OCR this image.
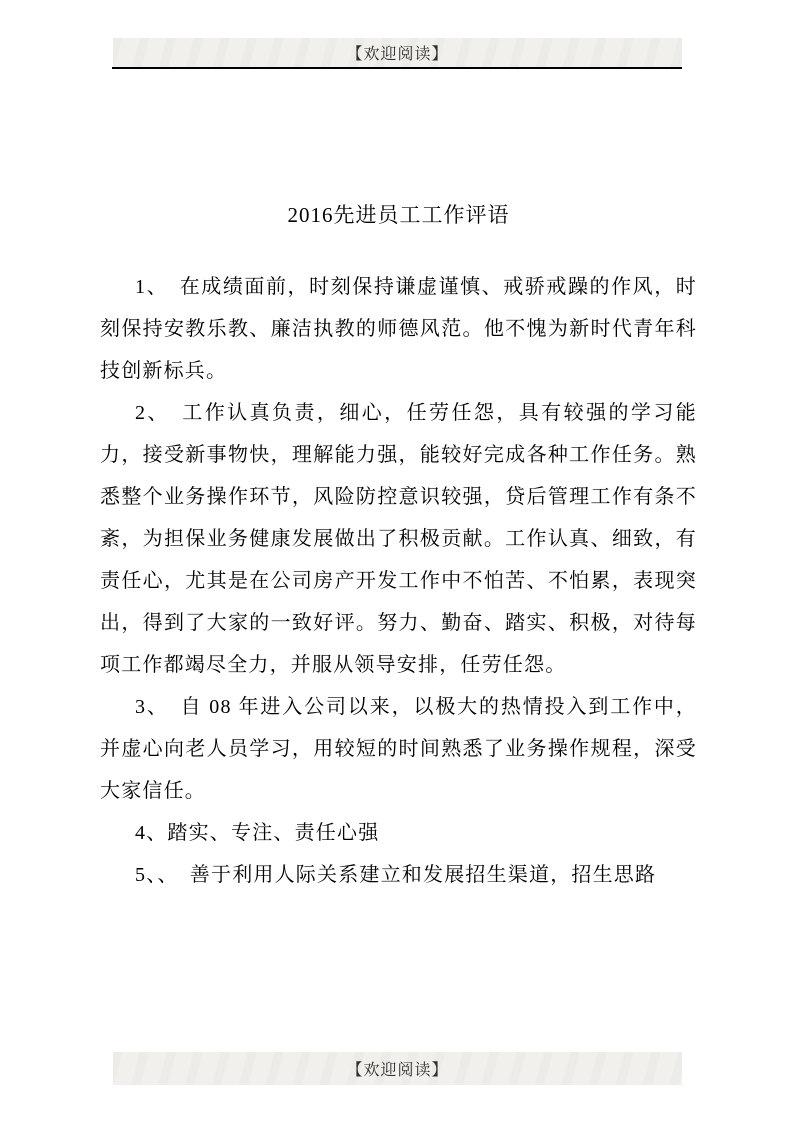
【欢迎阅读】
2016先进员工工作评语

1、　在成绩面前，时刻保持谦虚谨慎、戒骄戒躁的作风，时刻保持安教乐教、廉洁执教的师德风范。他不愧为新时代青年科技创新标兵。

2、　工作认真负责，细心，任劳任怨，具有较强的学习能力，接受新事物快，理解能力强，能较好完成各种工作任务。熟悉整个业务操作环节，风险防控意识较强，贷后管理工作有条不紊，为担保业务健康发展做出了积极贡献。工作认真、细致，有责任心，尤其是在公司房产开发工作中不怕苦、不怕累，表现突出，得到了大家的一致好评。努力、勤奋、踏实、积极，对待每项工作都竭尽全力，并服从领导安排，任劳任怨。

3、　自 08 年进入公司以来，以极大的热情投入到工作中，并虚心向老人员学习，用较短的时间熟悉了业务操作规程，深受大家信任。

4、踏实、专注、责任心强

5、、　善于利用人际关系建立和发展招生渠道，招生思路

【欢迎阅读】
